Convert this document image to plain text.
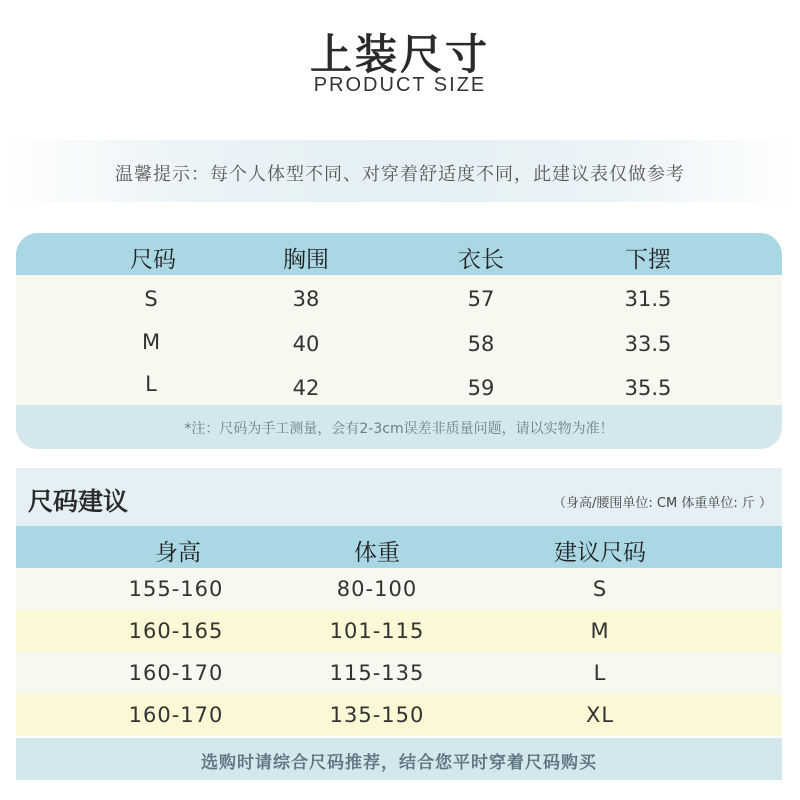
上装尺寸
PRODUCT SIZE
温馨提示：每个人体型不同、对穿着舒适度不同，此建议表仅做参考
尺码	胸围	衣长	下摆
S	38	57	31.5
M	40	58	33.5
L	42	59	35.5
*注：尺码为手工测量，会有2-3cm误差非质量问题，请以实物为准！
尺码建议	（身高/腰围单位: CM 体重单位: 斤 ）
身高	体重	建议尺码
155-160	80-100	S
160-165	101-115	M
160-170	115-135	L
160-170	135-150	XL
选购时请综合尺码推荐，结合您平时穿着尺码购买
